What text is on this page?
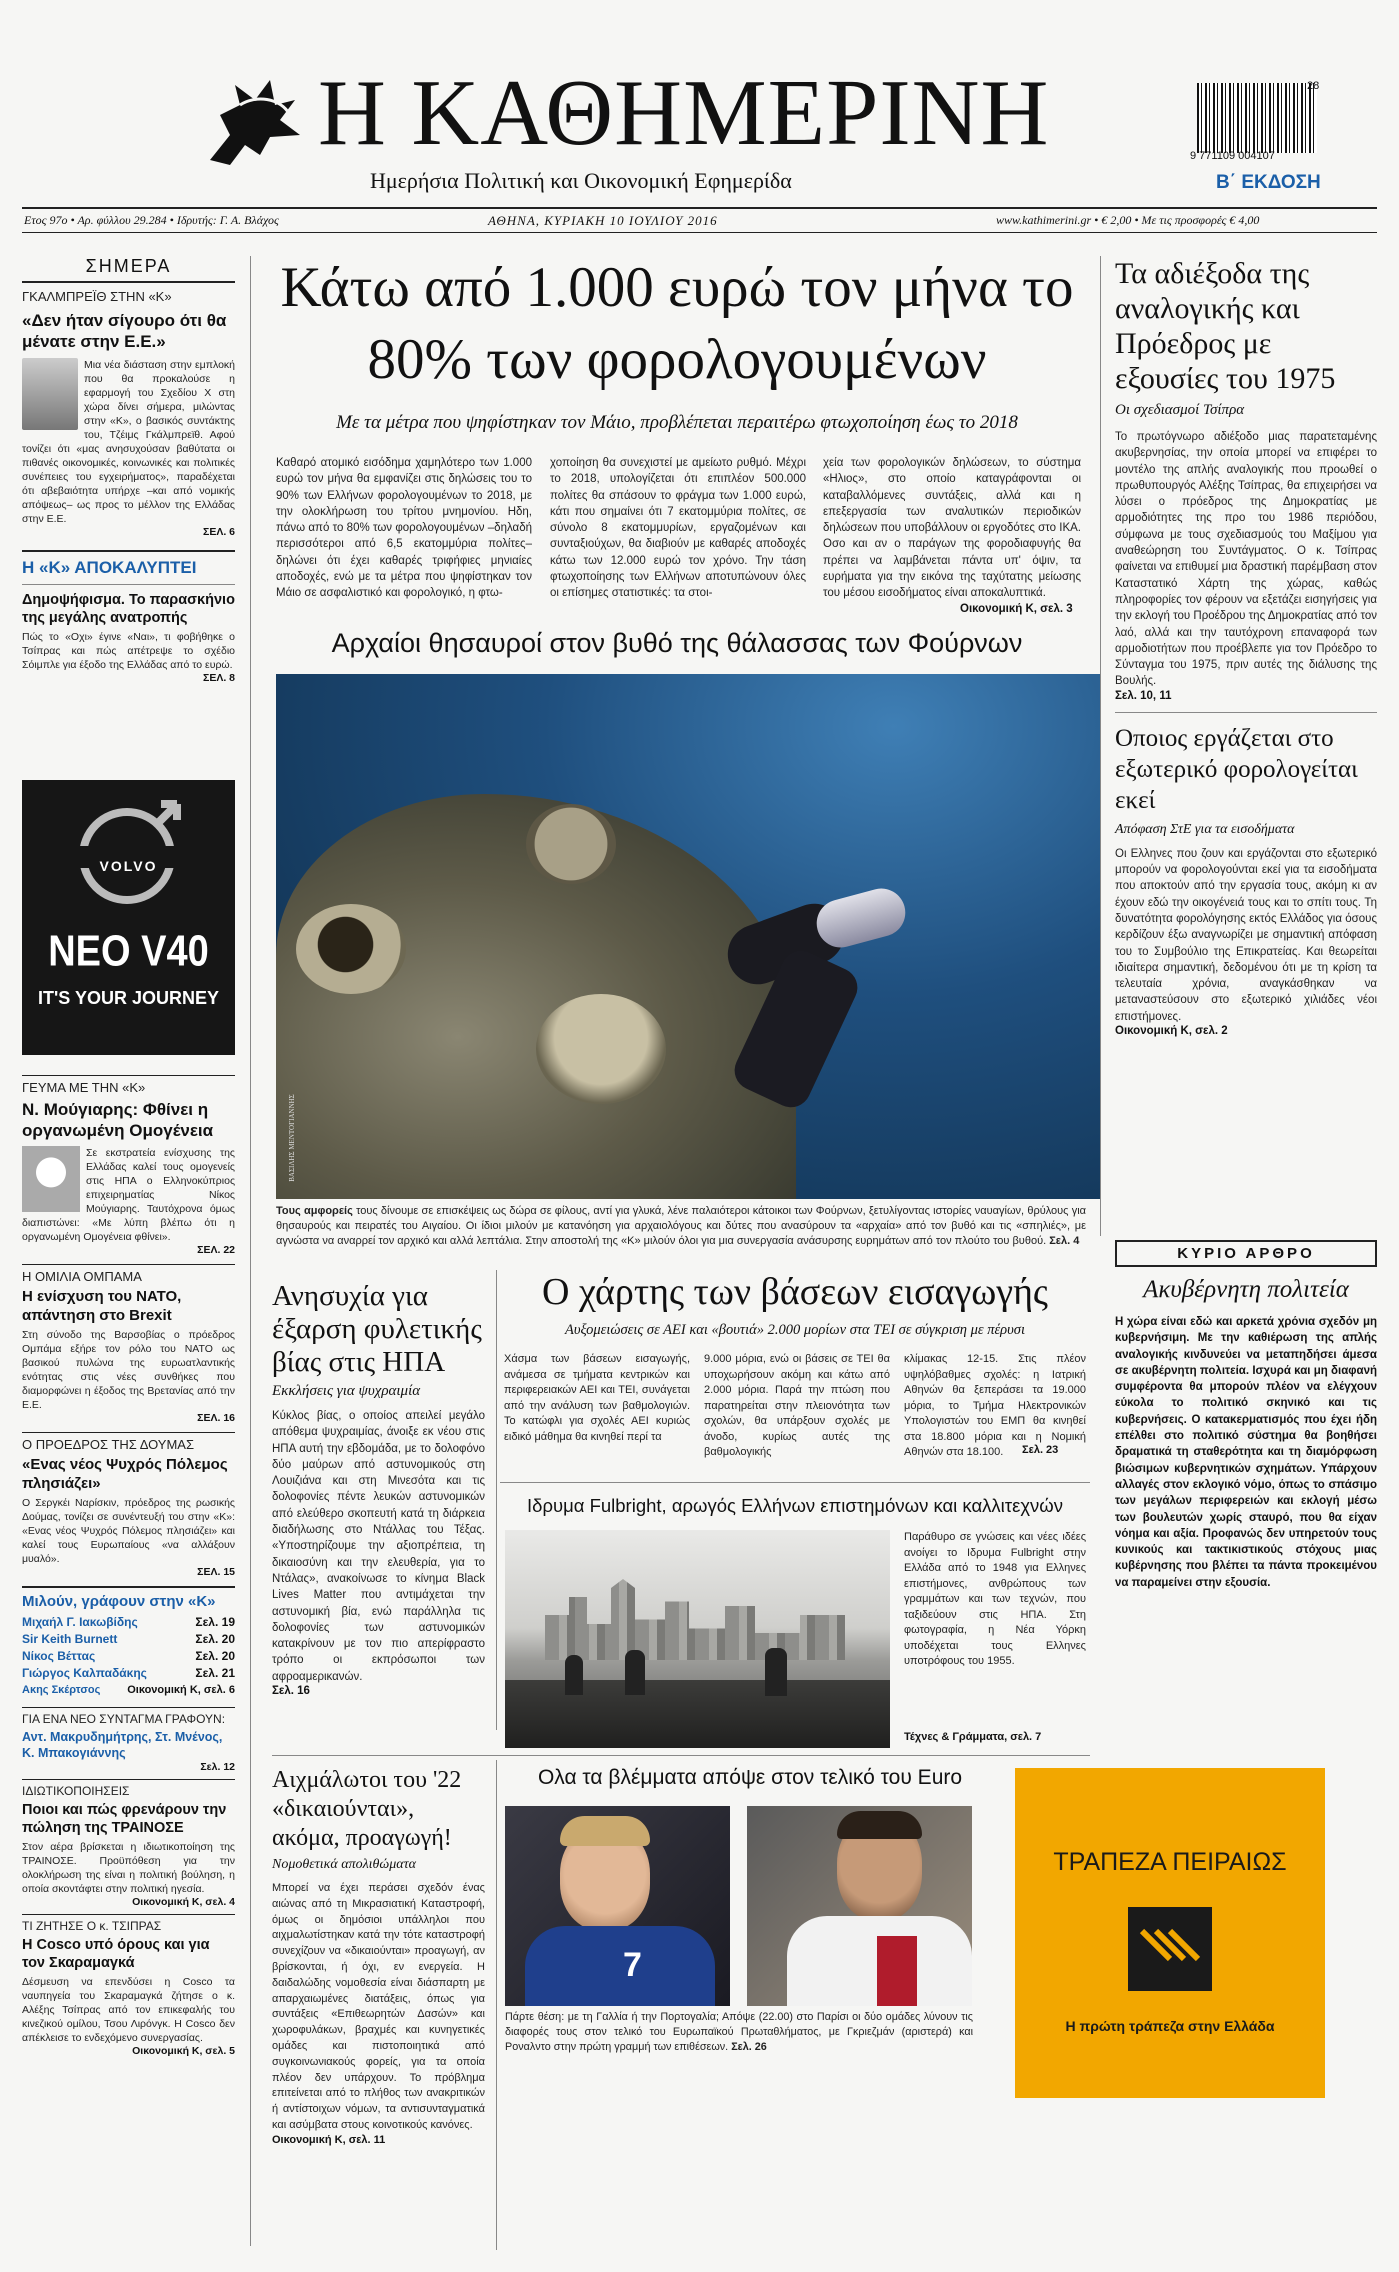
Η ΚΑΘΗΜΕΡΙΝΗ
Ημερήσια Πολιτική και Οικονομική Εφημερίδα
28
9 771109 004107
Β΄ ΕΚΔΟΣΗ
Ετος 97ο • Αρ. φύλλου 29.284 • Ιδρυτής: Γ. Α. Βλάχος	ΑΘΗΝΑ, ΚΥΡΙΑΚΗ 10 ΙΟΥΛΙΟΥ 2016	www.kathimerini.gr • € 2,00 • Με τις προσφορές € 4,00
ΣΗΜΕΡΑ
ΓΚΑΛΜΠΡΕΪΘ ΣΤΗΝ «Κ»
«Δεν ήταν σίγουρο ότι θα μένατε στην Ε.Ε.»
Μια νέα διάσταση στην εμπλοκή που θα προκαλούσε η εφαρμογή του Σχεδίου Χ στη χώρα δίνει σήμερα, μιλώντας στην «Κ», ο βασικός συντάκτης του, Τζέιμς Γκάλμπρεϊθ. Αφού τονίζει ότι «μας ανησυχούσαν βαθύτατα οι πιθανές οικονομικές, κοινωνικές και πολιτικές συνέπειες του εγχειρήματος», παραδέχεται ότι αβεβαιότητα υπήρχε –και από νομικής απόψεως– ως προς το μέλλον της Ελλάδας στην Ε.Ε.
ΣΕΛ. 6
Η «Κ» ΑΠΟΚΑΛΥΠΤΕΙ
Δημοψήφισμα. Το παρασκήνιο της μεγάλης ανατροπής
Πώς το «Οχι» έγινε «Ναι», τι φοβήθηκε ο Τσίπρας και πώς απέτρεψε το σχέδιο Σόιμπλε για έξοδο της Ελλάδας από το ευρώ.
ΣΕΛ. 8
VOLVO
ΝΕΟ V40
IT'S YOUR JOURNEY
ΓΕΥΜΑ ΜΕ ΤΗΝ «Κ»
Ν. Μούγιαρης: Φθίνει η οργανωμένη Ομογένεια
Σε εκστρατεία ενίσχυσης της Ελλάδας καλεί τους ομογενείς στις ΗΠΑ ο Ελληνοκύπριος επιχειρηματίας Νίκος Μούγιαρης. Ταυτόχρονα όμως διαπιστώνει: «Με λύπη βλέπω ότι η οργανωμένη Ομογένεια φθίνει».
ΣΕΛ. 22
Η ΟΜΙΛΙΑ ΟΜΠΑΜΑ
Η ενίσχυση του ΝΑΤΟ, απάντηση στο Brexit
Στη σύνοδο της Βαρσοβίας ο πρόεδρος Ομπάμα εξήρε τον ρόλο του ΝΑΤΟ ως βασικού πυλώνα της ευρωατλαντικής ενότητας στις νέες συνθήκες που διαμορφώνει η έξοδος της Βρετανίας από την Ε.Ε.
ΣΕΛ. 16
Ο ΠΡΟΕΔΡΟΣ ΤΗΣ ΔΟΥΜΑΣ
«Ενας νέος Ψυχρός Πόλεμος πλησιάζει»
Ο Σεργκέι Ναρίσκιν, πρόεδρος της ρωσικής Δούμας, τονίζει σε συνέντευξή του στην «Κ»: «Ενας νέος Ψυχρός Πόλεμος πλησιάζει» και καλεί τους Ευρωπαίους «να αλλάξουν μυαλό».
ΣΕΛ. 15
Μιλούν, γράφουν στην «Κ»
Μιχαήλ Γ. Ιακωβίδης	Σελ. 19
Sir Keith Burnett	Σελ. 20
Νίκος Βέττας	Σελ. 20
Γιώργος Καλπαδάκης	Σελ. 21
Ακης Σκέρτσος Οικονομική Κ, σελ. 6
ΓΙΑ ΕΝΑ ΝΕΟ ΣΥΝΤΑΓΜΑ ΓΡΑΦΟΥΝ:
Αντ. Μακρυδημήτρης, Στ. Μνένος, Κ. Μπακογιάννης
Σελ. 12
ΙΔΙΩΤΙΚΟΠΟΙΗΣΕΙΣ
Ποιοι και πώς φρενάρουν την πώληση της ΤΡΑΙΝΟΣΕ
Στον αέρα βρίσκεται η ιδιωτικοποίηση της ΤΡΑΙΝΟΣΕ. Προϋπόθεση για την ολοκλήρωση της είναι η πολιτική βούληση, η οποία σκοντάφτει στην πολιτική ηγεσία.
Οικονομική Κ, σελ. 4
ΤΙ ΖΗΤΗΣΕ Ο κ. ΤΣΙΠΡΑΣ
Η Cosco υπό όρους και για τον Σκαραμαγκά
Δέσμευση να επενδύσει η Cosco τα ναυπηγεία του Σκαραμαγκά ζήτησε ο κ. Αλέξης Τσίπρας από τον επικεφαλής του κινεζικού ομίλου, Τσου Λιρόνγκ. Η Cosco δεν απέκλεισε το ενδεχόμενο συνεργασίας.
Οικονομική Κ, σελ. 5
Κάτω από 1.000 ευρώ τον μήνα το 80% των φορολογουμένων
Με τα μέτρα που ψηφίστηκαν τον Μάιο, προβλέπεται περαιτέρω φτωχοποίηση έως το 2018
Καθαρό ατομικό εισόδημα χαμηλότερο των 1.000 ευρώ τον μήνα θα εμφανίζει στις δηλώσεις του το 90% των Ελλήνων φορολογουμένων το 2018, με την ολοκλήρωση του τρίτου μνημονίου. Ηδη, πάνω από το 80% των φορολογουμένων –δηλαδή περισσότεροι από 6,5 εκατομμύρια πολίτες– δηλώνει ότι έχει καθαρές τριφήφιες μηνιαίες αποδοχές, ενώ με τα μέτρα που ψηφίστηκαν τον Μάιο σε ασφαλιστικό και φορολογικό, η φτω-
χοποίηση θα συνεχιστεί με αμείωτο ρυθμό. Μέχρι το 2018, υπολογίζεται ότι επιπλέον 500.000 πολίτες θα σπάσουν το φράγμα των 1.000 ευρώ, κάτι που σημαίνει ότι 7 εκατομμύρια πολίτες, σε σύνολο 8 εκατομμυρίων, εργαζομένων και συνταξιούχων, θα διαβιούν με καθαρές αποδοχές κάτω των 12.000 ευρώ τον χρόνο. Την τάση φτωχοποίησης των Ελλήνων αποτυπώνουν όλες οι επίσημες στατιστικές: τα στοι-
χεία των φορολογικών δηλώσεων, το σύστημα «Ηλιος», στο οποίο καταγράφονται οι καταβαλλόμενες συντάξεις, αλλά και η επεξεργασία των αναλυτικών περιοδικών δηλώσεων που υποβάλλουν οι εργοδότες στο ΙΚΑ. Οσο και αν ο παράγων της φοροδιαφυγής θα πρέπει να λαμβάνεται πάντα υπ' όψιν, τα ευρήματα για την εικόνα της ταχύτατης μείωσης του μέσου εισοδήματος είναι αποκαλυπτικά.
Οικονομική Κ, σελ. 3
Αρχαίοι θησαυροί στον βυθό της θάλασσας των Φούρνων
ΒΑΣΙΛΗΣ ΜΕΝΤΟΓΙΑΝΝΗΣ
Τους αμφορείς τους δίνουμε σε επισκέψεις ως δώρα σε φίλους, αντί για γλυκά, λένε παλαιότεροι κάτοικοι των Φούρνων, ξετυλίγοντας ιστορίες ναυαγίων, θρύλους για θησαυρούς και πειρατές του Αιγαίου. Οι ίδιοι μιλούν με κατανόηση για αρχαιολόγους και δύτες που ανασύρουν τα «αρχαία» από τον βυθό και τις «σπηλιές», με αγνώστα να αναρρεί τον αρχικό και αλλά λεπτάλια. Στην αποστολή της «Κ» μιλούν όλοι για μια συνεργασία ανάσυρσης ευρημάτων από τον πλούτο του βυθού. Σελ. 4
Τα αδιέξοδα της αναλογικής και Πρόεδρος με εξουσίες του 1975
Οι σχεδιασμοί Τσίπρα
Το πρωτόγνωρο αδιέξοδο μιας παρατεταμένης ακυβερνησίας, την οποία μπορεί να επιφέρει το μοντέλο της απλής αναλογικής που προωθεί ο πρωθυπουργός Αλέξης Τσίπρας, θα επιχειρήσει να λύσει ο πρόεδρος της Δημοκρατίας με αρμοδιότητες της προ του 1986 περιόδου, σύμφωνα με τους σχεδιασμούς του Μαξίμου για αναθεώρηση του Συντάγματος. Ο κ. Τσίπρας φαίνεται να επιθυμεί μια δραστική παρέμβαση στον Καταστατικό Χάρτη της χώρας, καθώς πληροφορίες τον φέρουν να εξετάζει εισηγήσεις για την εκλογή του Προέδρου της Δημοκρατίας από τον λαό, αλλά και την ταυτόχρονη επαναφορά των αρμοδιοτήτων που προέβλεπε για τον Πρόεδρο το Σύνταγμα του 1975, πριν αυτές της διάλυσης της Βουλής.
Σελ. 10, 11
Οποιος εργάζεται στο εξωτερικό φορολογείται εκεί
Απόφαση ΣτΕ για τα εισοδήματα
Οι Ελληνες που ζουν και εργάζονται στο εξωτερικό μπορούν να φορολογούνται εκεί για τα εισοδήματα που αποκτούν από την εργασία τους, ακόμη κι αν έχουν εδώ την οικογένειά τους και το σπίτι τους. Τη δυνατότητα φορολόγησης εκτός Ελλάδος για όσους κερδίζουν έξω αναγνωρίζει με σημαντική απόφαση του το Συμβούλιο της Επικρατείας. Και θεωρείται ιδιαίτερα σημαντική, δεδομένου ότι με τη κρίση τα τελευταία χρόνια, αναγκάσθηκαν να μεταναστεύσουν στο εξωτερικό χιλιάδες νέοι επιστήμονες.
Οικονομική Κ, σελ. 2
ΚΥΡΙΟ ΑΡΘΡΟ
Ακυβέρνητη πολιτεία
Η χώρα είναι εδώ και αρκετά χρόνια σχεδόν μη κυβερνήσιμη. Με την καθιέρωση της απλής αναλογικής κινδυνεύει να μεταπηδήσει άμεσα σε ακυβέρνητη πολιτεία. Ισχυρά και μη διαφανή συμφέροντα θα μπορούν πλέον να ελέγχουν εύκολα το πολιτικό σκηνικό και τις κυβερνήσεις. Ο κατακερματισμός που έχει ήδη επέλθει στο πολιτικό σύστημα θα βοηθήσει δραματικά τη σταθερότητα και τη διαμόρφωση βιώσιμων κυβερνητικών σχημάτων. Υπάρχουν αλλαγές στον εκλογικό νόμο, όπως το σπάσιμο των μεγάλων περιφερειών και εκλογή μέσω των βουλευτών χωρίς σταυρό, που θα είχαν νόημα και αξία. Προφανώς δεν υπηρετούν τους κυνικούς και τακτικιστικούς στόχους μιας κυβέρνησης που βλέπει τα πάντα προκειμένου να παραμείνει στην εξουσία.
ΤΡΑΠΕΖΑ ΠΕΙΡΑΙΩΣ
Η πρώτη τράπεζα στην Ελλάδα
Ανησυχία για έξαρση φυλετικής βίας στις ΗΠΑ
Εκκλήσεις για ψυχραιμία
Κύκλος βίας, ο οποίος απειλεί μεγάλο απόθεμα ψυχραιμίας, άνοιξε εκ νέου στις ΗΠΑ αυτή την εβδομάδα, με το δολοφόνο δύο μαύρων από αστυνομικούς στη Λουιζιάνα και στη Μινεσότα και τις δολοφονίες πέντε λευκών αστυνομικών από ελεύθερο σκοπευτή κατά τη διάρκεια διαδήλωσης στο Ντάλλας του Τέξας. «Υποστηρίζουμε την αξιοπρέπεια, τη δικαιοσύνη και την ελευθερία, για το Ντάλας», ανακοίνωσε το κίνημα Black Lives Matter που αντιμάχεται την αστυνομική βία, ενώ παράλληλα τις δολοφονίες των αστυνομικών κατακρίνουν με τον πιο απερίφραστο τρόπο οι εκπρόσωποι των αφροαμερικανών.
Σελ. 16
Ο χάρτης των βάσεων εισαγωγής
Αυξομειώσεις σε ΑΕΙ και «βουτιά» 2.000 μορίων στα ΤΕΙ σε σύγκριση με πέρυσι
Χάσμα των βάσεων εισαγωγής, ανάμεσα σε τμήματα κεντρικών και περιφερειακών ΑΕΙ και ΤΕΙ, συνάγεται από την ανάλυση των βαθμολογιών. Το κατώφλι για σχολές ΑΕΙ κυριώς ειδικό μάθημα θα κινηθεί περί τα
9.000 μόρια, ενώ οι βάσεις σε ΤΕΙ θα υποχωρήσουν ακόμη και κάτω από 2.000 μόρια. Παρά την πτώση που παρατηρείται στην πλειονότητα των σχολών, θα υπάρξουν σχολές με άνοδο, κυρίως αυτές της βαθμολογικής
κλίμακας 12-15. Στις πλέον υψηλόβαθμες σχολές: η Ιατρική Αθηνών θα ξεπεράσει τα 19.000 μόρια, το Τμήμα Ηλεκτρονικών Υπολογιστών του ΕΜΠ θα κινηθεί στα 18.800 μόρια και η Νομική Αθηνών στα 18.100.	Σελ. 23
Ιδρυμα Fulbright, αρωγός Ελλήνων επιστημόνων και καλλιτεχνών
Παράθυρο σε γνώσεις και νέες ιδέες ανοίγει το Ιδρυμα Fulbright στην Ελλάδα από το 1948 για Ελληνες επιστήμονες, ανθρώπους των γραμμάτων και των τεχνών, που ταξιδεύουν στις ΗΠΑ. Στη φωτογραφία, η Νέα Υόρκη υποδέχεται τους Ελληνες υποτρόφους του 1955.
Τέχνες & Γράμματα, σελ. 7
Αιχμάλωτοι του '22 «δικαιούνται», ακόμα, προαγωγή!
Νομοθετικά απολιθώματα
Μπορεί να έχει περάσει σχεδόν ένας αιώνας από τη Μικρασιατική Καταστροφή, όμως οι δημόσιοι υπάλληλοι που αιχμαλωτίστηκαν κατά την τότε καταστροφή συνεχίζουν να «δικαιούνται» προαγωγή, αν βρίσκονται, ή όχι, εν ενεργεία. Η δαιδαλώδης νομοθεσία είναι διάσπαρτη με απαρχαιωμένες διατάξεις, όπως για συντάξεις «Επιθεωρητών Δασών» και χωροφυλάκων, βραχμές και κυνηγετικές ομάδες και πιστοποιητικά από συγκοινωνιακούς φορείς, για τα οποία πλέον δεν υπάρχουν. Το πρόβλημα επιτείνεται από το πλήθος των ανακριτικών ή αντίστοιχων νόμων, τα αντισυνταγματικά και ασύμβατα στους κοινοτικούς κανόνες.
Οικονομική Κ, σελ. 11
Ολα τα βλέμματα απόψε στον τελικό του Euro
7
Πάρτε θέση: με τη Γαλλία ή την Πορτογαλία; Απόψε (22.00) στο Παρίσι οι δύο ομάδες λύνουν τις διαφορές τους στον τελικό του Ευρωπαϊκού Πρωταθλήματος, με Γκριεζμάν (αριστερά) και Ροναλντο στην πρώτη γραμμή των επιθέσεων. Σελ. 26
